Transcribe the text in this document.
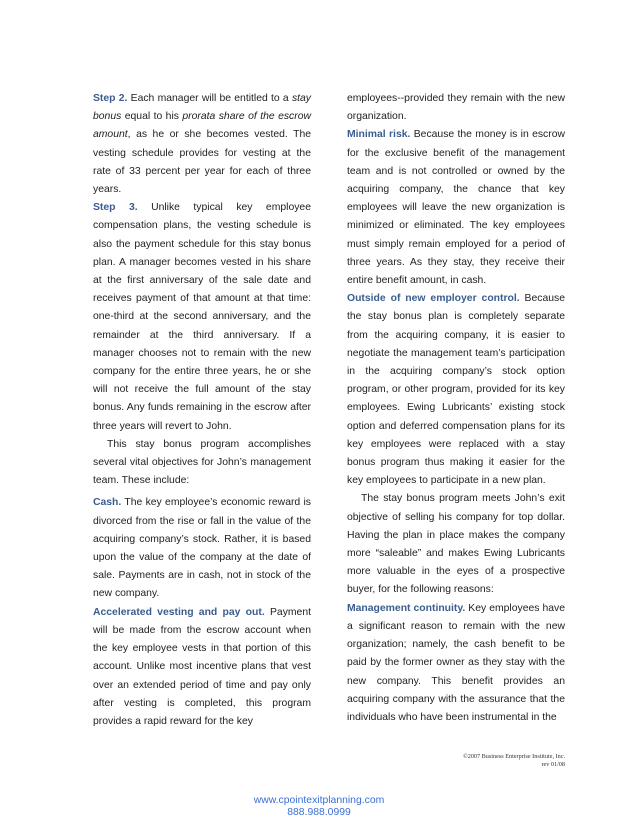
Step 2. Each manager will be entitled to a stay bonus equal to his prorata share of the escrow amount, as he or she becomes vested. The vesting schedule provides for vesting at the rate of 33 percent per year for each of three years.

Step 3. Unlike typical key employee compensation plans, the vesting schedule is also the payment schedule for this stay bonus plan. A manager becomes vested in his share at the first anniversary of the sale date and receives payment of that amount at that time: one-third at the second anniversary, and the remainder at the third anniversary. If a manager chooses not to remain with the new company for the entire three years, he or she will not receive the full amount of the stay bonus. Any funds remaining in the escrow after three years will revert to John.

This stay bonus program accomplishes several vital objectives for John’s management team. These include:

Cash. The key employee’s economic reward is divorced from the rise or fall in the value of the acquiring company’s stock. Rather, it is based upon the value of the company at the date of sale. Payments are in cash, not in stock of the new company.

Accelerated vesting and pay out. Payment will be made from the escrow account when the key employee vests in that portion of this account. Unlike most incentive plans that vest over an extended period of time and pay only after vesting is completed, this program provides a rapid reward for the key

employees--provided they remain with the new organization.

Minimal risk. Because the money is in escrow for the exclusive benefit of the management team and is not controlled or owned by the acquiring company, the chance that key employees will leave the new organization is minimized or eliminated. The key employees must simply remain employed for a period of three years. As they stay, they receive their entire benefit amount, in cash.

Outside of new employer control. Because the stay bonus plan is completely separate from the acquiring company, it is easier to negotiate the management team’s participation in the acquiring company’s stock option program, or other program, provided for its key employees. Ewing Lubricants’ existing stock option and deferred compensation plans for its key employees were replaced with a stay bonus program thus making it easier for the key employees to participate in a new plan.

The stay bonus program meets John’s exit objective of selling his company for top dollar. Having the plan in place makes the company more “saleable” and makes Ewing Lubricants more valuable in the eyes of a prospective buyer, for the following reasons:

Management continuity. Key employees have a significant reason to remain with the new organization; namely, the cash benefit to be paid by the former owner as they stay with the new company. This benefit provides an acquiring company with the assurance that the individuals who have been instrumental in the

©2007 Business Enterprise Institute, Inc.
rev 01/08
www.cpointexitplanning.com
888.988.0999
